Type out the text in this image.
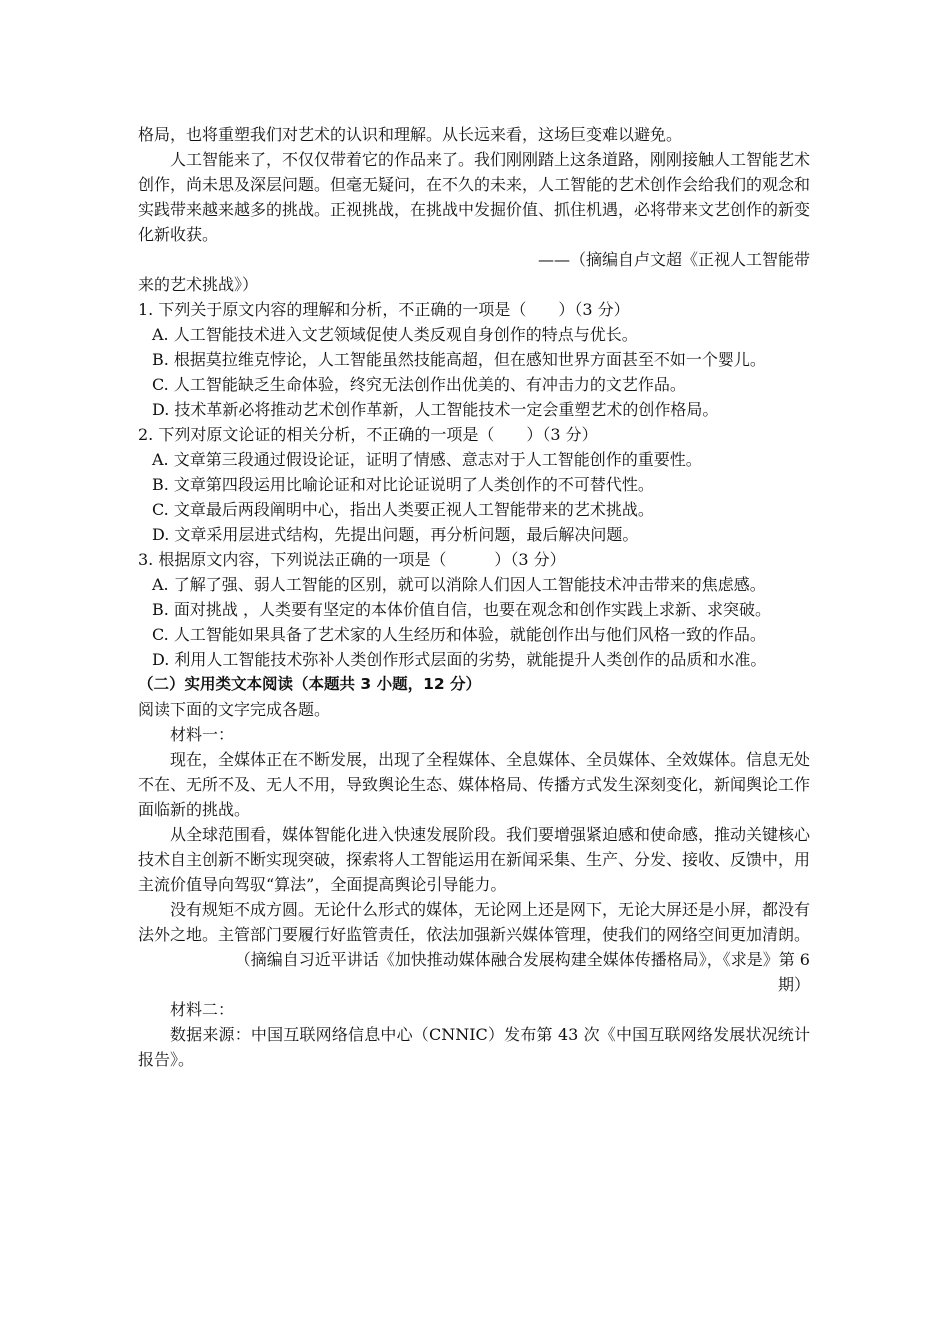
格局，也将重塑我们对艺术的认识和理解。从长远来看，这场巨变难以避免。

人工智能来了，不仅仅带着它的作品来了。我们刚刚踏上这条道路，刚刚接触人工智能艺术创作，尚未思及深层问题。但毫无疑问，在不久的未来，人工智能的艺术创作会给我们的观念和实践带来越来越多的挑战。正视挑战，在挑战中发掘价值、抓住机遇，必将带来文艺创作的新变化新收获。

——（摘编自卢文超《正视人工智能带

来的艺术挑战》）

1. 下列关于原文内容的理解和分析，不正确的一项是（　　）（3 分）

A. 人工智能技术进入文艺领域促使人类反观自身创作的特点与优长。

B. 根据莫拉维克悖论，人工智能虽然技能高超，但在感知世界方面甚至不如一个婴儿。

C. 人工智能缺乏生命体验，终究无法创作出优美的、有冲击力的文艺作品。

D. 技术革新必将推动艺术创作革新，人工智能技术一定会重塑艺术的创作格局。

2. 下列对原文论证的相关分析，不正确的一项是（　　）（3 分）

A. 文章第三段通过假设论证，证明了情感、意志对于人工智能创作的重要性。

B. 文章第四段运用比喻论证和对比论证说明了人类创作的不可替代性。

C. 文章最后两段阐明中心，指出人类要正视人工智能带来的艺术挑战。

D. 文章采用层进式结构，先提出问题，再分析问题，最后解决问题。

3. 根据原文内容，下列说法正确的一项是（　　　）（3 分）

A. 了解了强、弱人工智能的区别，就可以消除人们因人工智能技术冲击带来的焦虑感。

B. 面对挑战 ，人类要有坚定的本体价值自信，也要在观念和创作实践上求新、求突破。

C. 人工智能如果具备了艺术家的人生经历和体验，就能创作出与他们风格一致的作品。

D. 利用人工智能技术弥补人类创作形式层面的劣势，就能提升人类创作的品质和水准。

（二）实用类文本阅读（本题共 3 小题，12 分）

阅读下面的文字完成各题。

材料一：

现在，全媒体正在不断发展，出现了全程媒体、全息媒体、全员媒体、全效媒体。信息无处不在、无所不及、无人不用，导致舆论生态、媒体格局、传播方式发生深刻变化，新闻舆论工作面临新的挑战。

从全球范围看，媒体智能化进入快速发展阶段。我们要增强紧迫感和使命感，推动关键核心技术自主创新不断实现突破，探索将人工智能运用在新闻采集、生产、分发、接收、反馈中，用主流价值导向驾驭“算法”，全面提高舆论引导能力。

没有规矩不成方圆。无论什么形式的媒体，无论网上还是网下，无论大屏还是小屏，都没有法外之地。主管部门要履行好监管责任，依法加强新兴媒体管理，使我们的网络空间更加清朗。

（摘编自习近平讲话《加快推动媒体融合发展构建全媒体传播格局》，《求是》第 6

期）

材料二：

数据来源：中国互联网络信息中心（CNNIC）发布第 43 次《中国互联网络发展状况统计报告》。
